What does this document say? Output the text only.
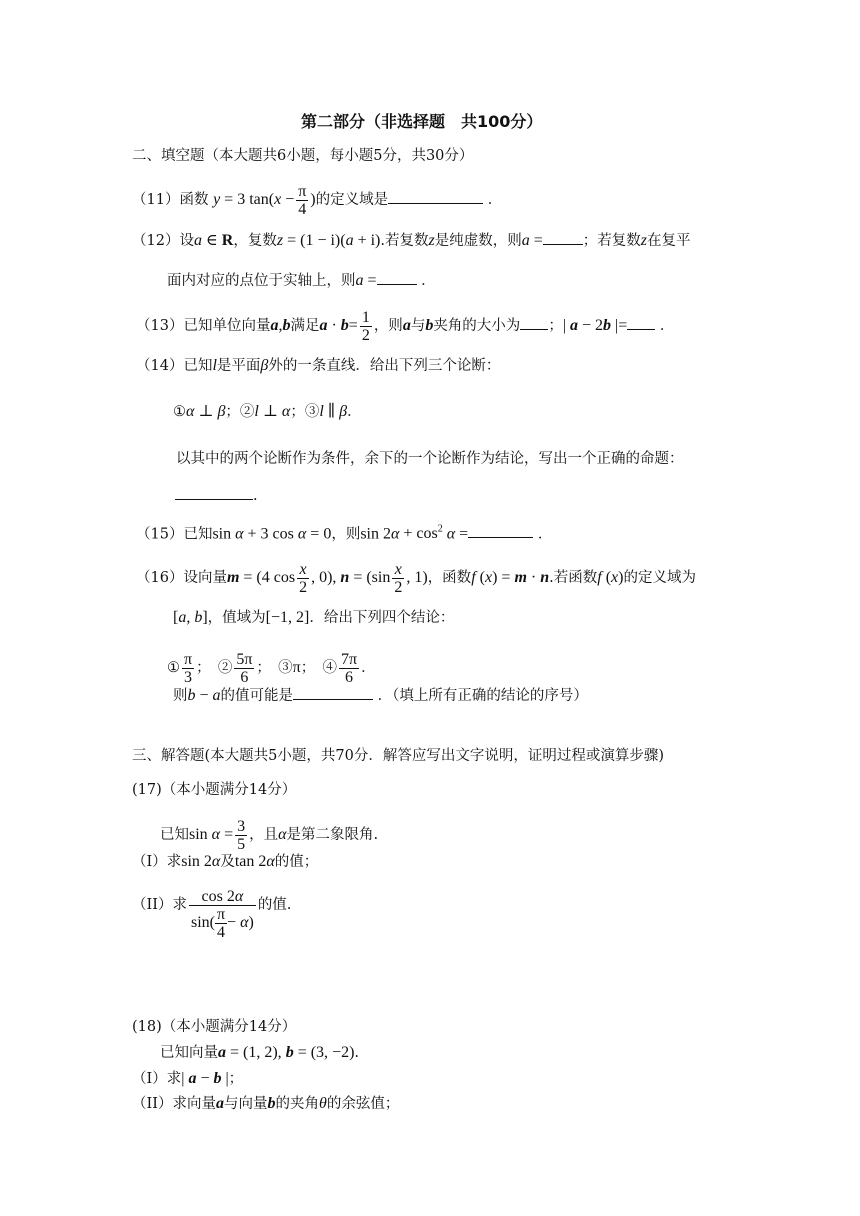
第二部分（非选择题　共100分）
二、填空题（本大题共6小题，每小题5分，共30分）
（11）函数 y = 3 $\tan(x - \frac{\pi}{4}$ )的定义域是	．
（12）设a ∈ R，复数z = (1 − i)(a + i).若复数z是纯虚数，则a =	；若复数z在复平
面内对应的点位于实轴上，则a =	．
（13）已知单位向量a,b满足$a \cdot b= \frac{1}{2}$ ，则a与b夹角的大小为 ；| a − 2b |= ．
（14）已知l是平面β外的一条直线．给出下列三个论断：
①α ⊥ β；②l ⊥ α；③l ∥ β．
以其中的两个论断作为条件，余下的一个论断作为结论，写出一个正确的命题：
.
（15）已知sin α + 3 cos α = 0，则$\sin 2\alpha + \cos^2 \alpha$ =	．
（16）设向量m = (4 $\cos \frac{x}{2}$ , 0), $n = (\sin \frac{x}{2}$ , 1)，函数f (x) = m · n.若函数f (x)的定义域为
[a, b]，值域为[−1, 2]．给出下列四个结论：
① $\frac{\pi}{3}$ ；　② $\frac{5\pi}{6}$ ；　③π；　④ $\frac{7\pi}{6}$ ．
则b − a的值可能是	．（填上所有正确的结论的序号）
三、解答题(本大题共5小题，共70分．解答应写出文字说明，证明过程或演算步骤)
(17)（本小题满分14分）
已知$\sin \alpha = \frac{3}{5}$ ，且α是第二象限角.
（I）求sin 2α及tan 2α的值；
（II）求 $\frac{\cos 2\alpha}{\sin( \frac{\pi}{4} - \alpha)}$ 的值.
(18)（本小题满分14分）
已知向量a = (1, 2), b = (3, −2).
（I）求| a − b |；
（II）求向量a与向量b的夹角θ的余弦值；
